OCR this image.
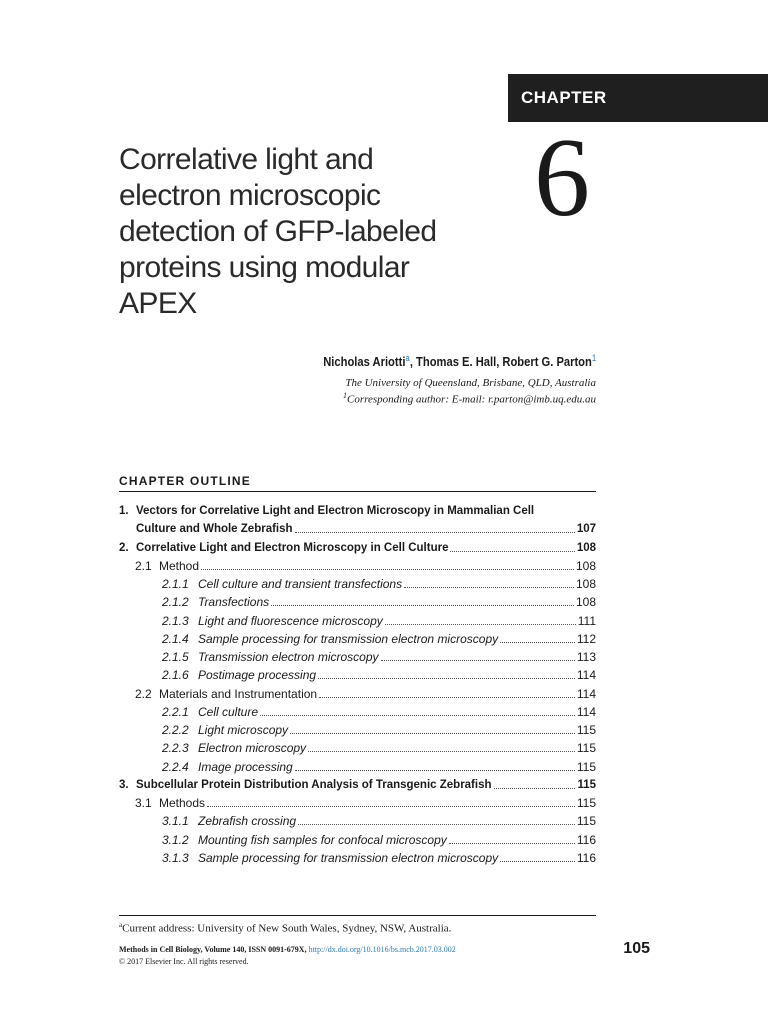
CHAPTER
Correlative light and
electron microscopic
detection of GFP-labeled
proteins using modular
APEX
6
Nicholas Ariotti$^a$, Thomas E. Hall, Robert G. Parton$^1$
The University of Queensland, Brisbane, QLD, Australia
$^1$Corresponding author: E-mail: r.parton@imb.uq.edu.au
CHAPTER OUTLINE
1. Vectors for Correlative Light and Electron Microscopy in Mammalian Cell
Culture and Whole Zebrafish	107
2. Correlative Light and Electron Microscopy in Cell Culture	108
2.1 Method	108
2.1.1 Cell culture and transient transfections	108
2.1.2 Transfections	108
2.1.3 Light and fluorescence microscopy	111
2.1.4 Sample processing for transmission electron microscopy	112
2.1.5 Transmission electron microscopy	113
2.1.6 Postimage processing	114
2.2 Materials and Instrumentation	114
2.2.1 Cell culture	114
2.2.2 Light microscopy	115
2.2.3 Electron microscopy	115
2.2.4 Image processing	115
3. Subcellular Protein Distribution Analysis of Transgenic Zebrafish	115
3.1 Methods	115
3.1.1 Zebrafish crossing	115
3.1.2 Mounting fish samples for confocal microscopy	116
3.1.3 Sample processing for transmission electron microscopy	116
$^a$Current address: University of New South Wales, Sydney, NSW, Australia.
Methods in Cell Biology, Volume 140, ISSN 0091-679X, http://dx.doi.org/10.1016/bs.mcb.2017.03.002
© 2017 Elsevier Inc. All rights reserved.
105
